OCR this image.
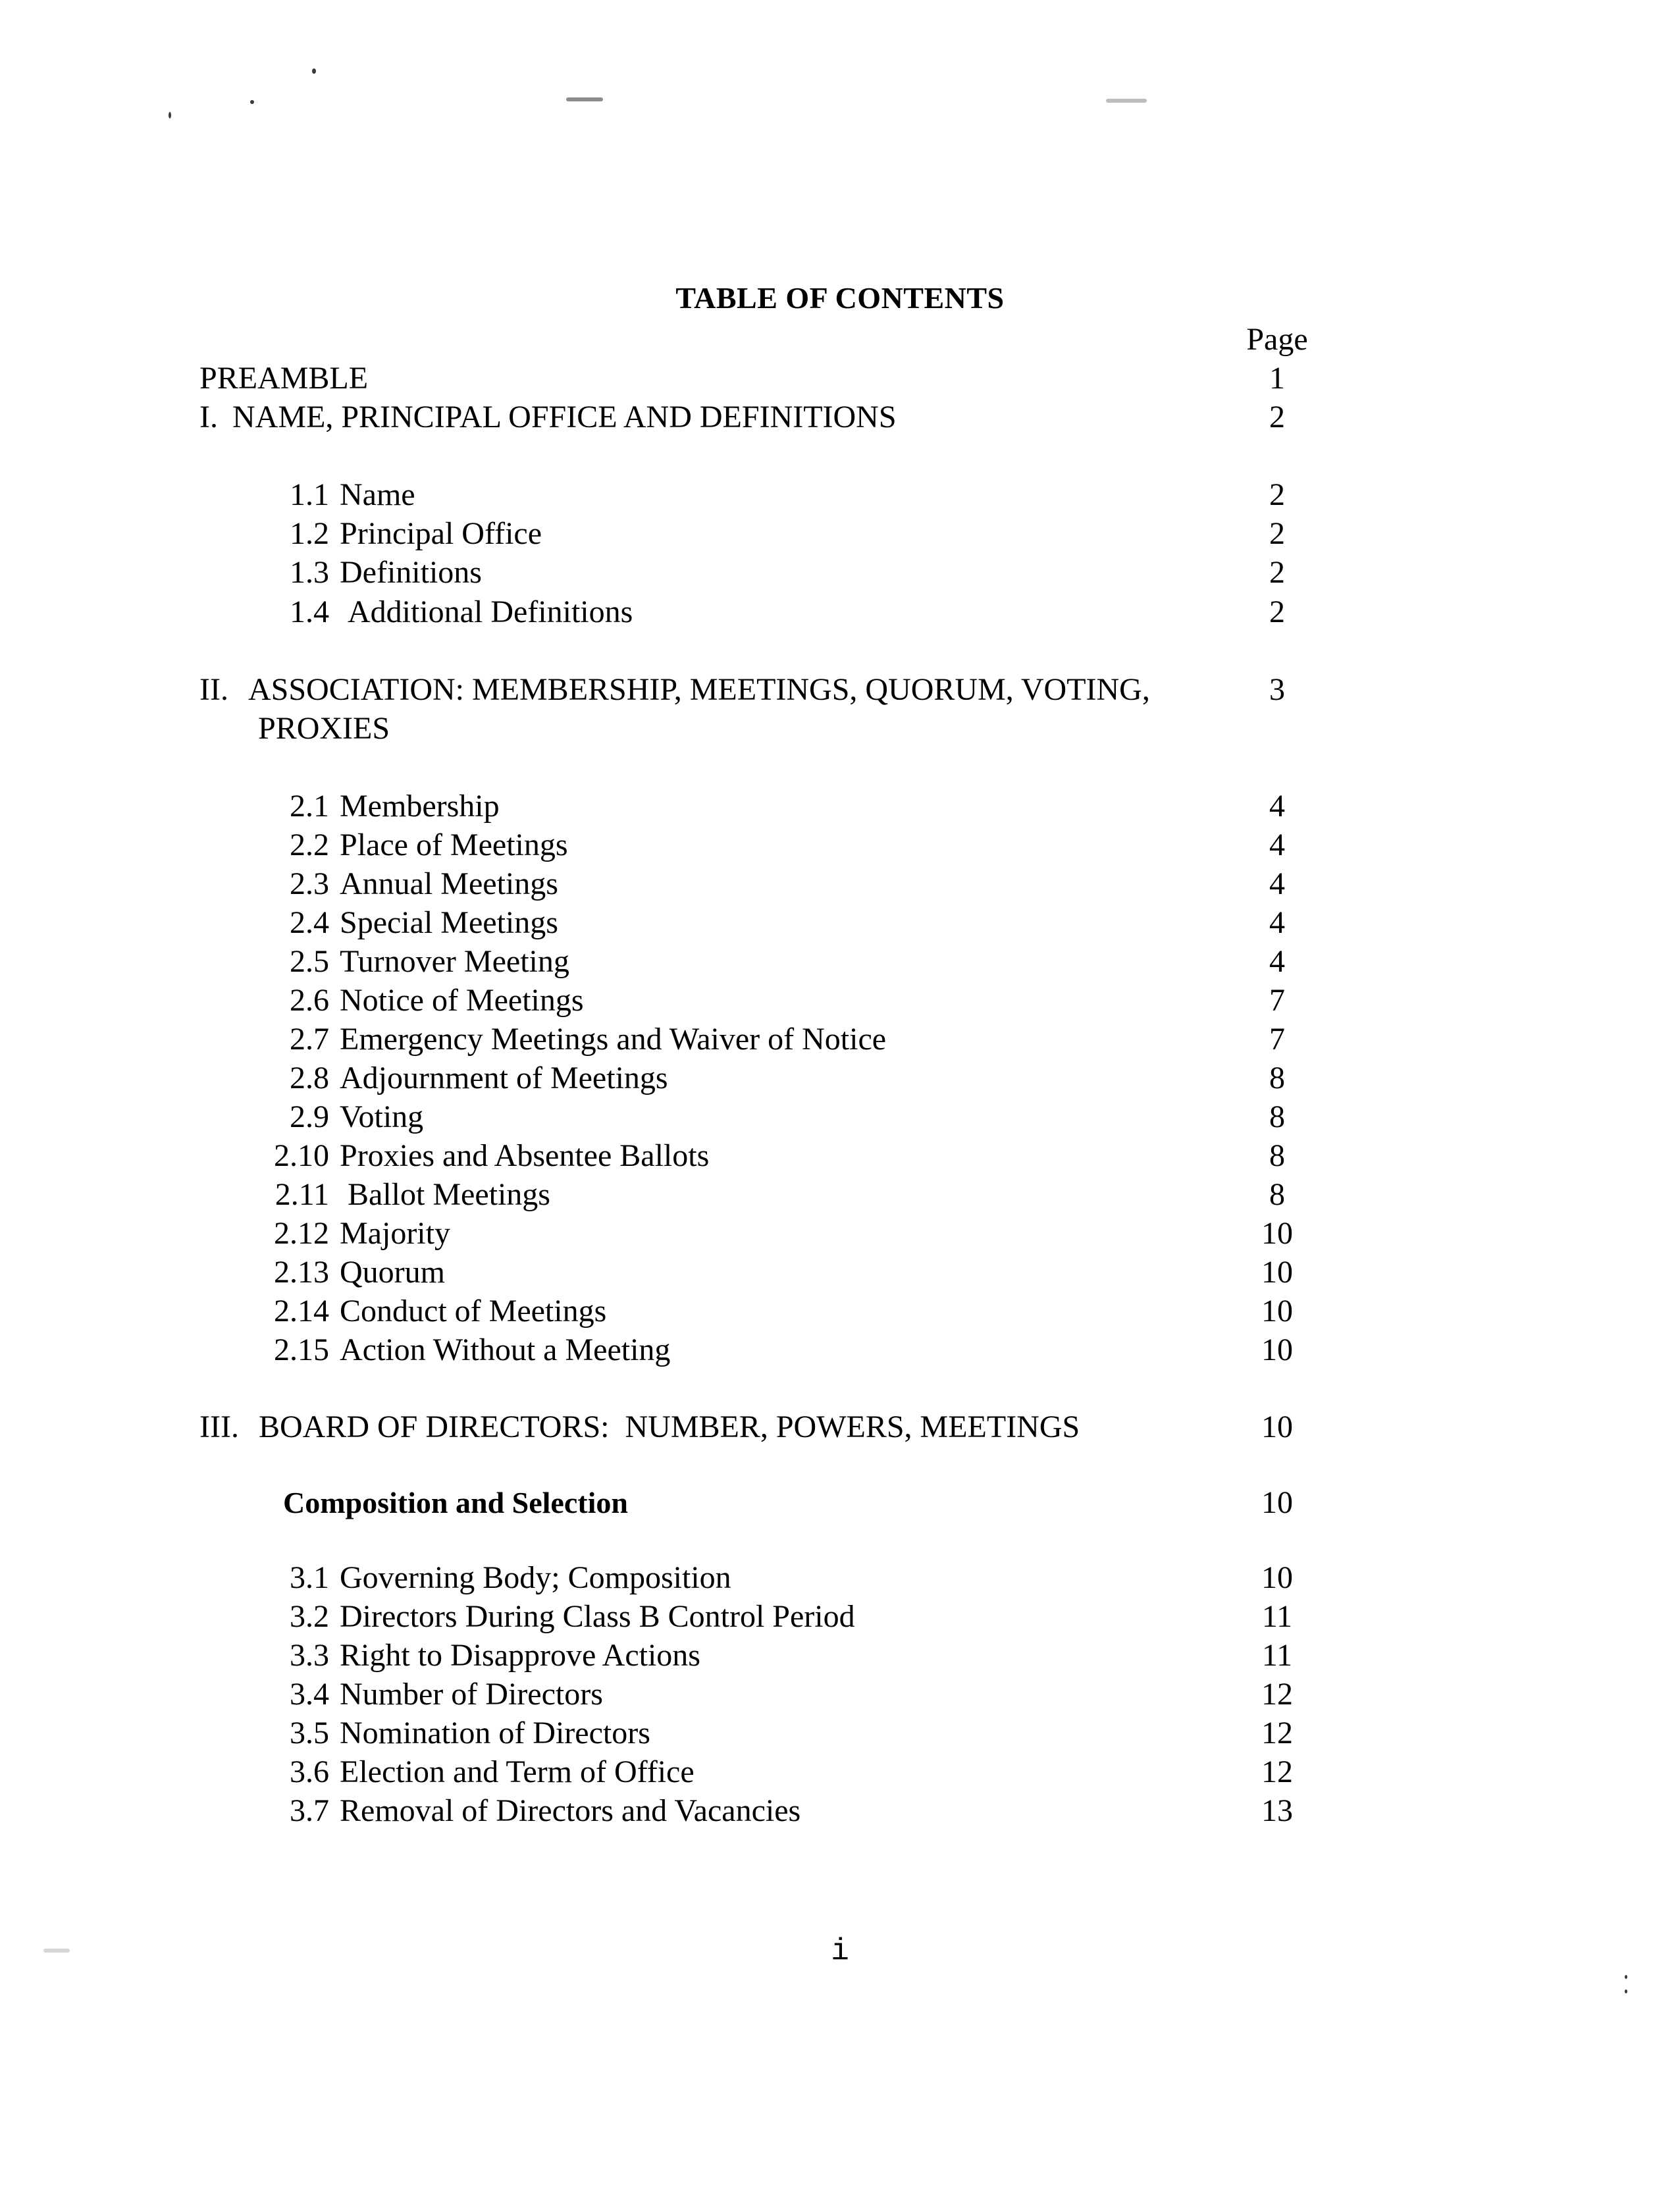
TABLE OF CONTENTS
Page
PREAMBLE	1
I. NAME, PRINCIPAL OFFICE AND DEFINITIONS	2
1.1 Name	2
1.2 Principal Office	2
1.3 Definitions	2
1.4 Additional Definitions	2
II. ASSOCIATION: MEMBERSHIP, MEETINGS, QUORUM, VOTING,	3
PROXIES
2.1 Membership	4
2.2 Place of Meetings	4
2.3 Annual Meetings	4
2.4 Special Meetings	4
2.5 Turnover Meeting	4
2.6 Notice of Meetings	7
2.7 Emergency Meetings and Waiver of Notice	7
2.8 Adjournment of Meetings	8
2.9 Voting	8
2.10 Proxies and Absentee Ballots	8
2.11 Ballot Meetings	8
2.12 Majority	10
2.13 Quorum	10
2.14 Conduct of Meetings	10
2.15 Action Without a Meeting	10
III. BOARD OF DIRECTORS:  NUMBER, POWERS, MEETINGS	10
Composition and Selection	10
3.1 Governing Body; Composition	10
3.2 Directors During Class B Control Period	11
3.3 Right to Disapprove Actions	11
3.4 Number of Directors	12
3.5 Nomination of Directors	12
3.6 Election and Term of Office	12
3.7 Removal of Directors and Vacancies	13
i
